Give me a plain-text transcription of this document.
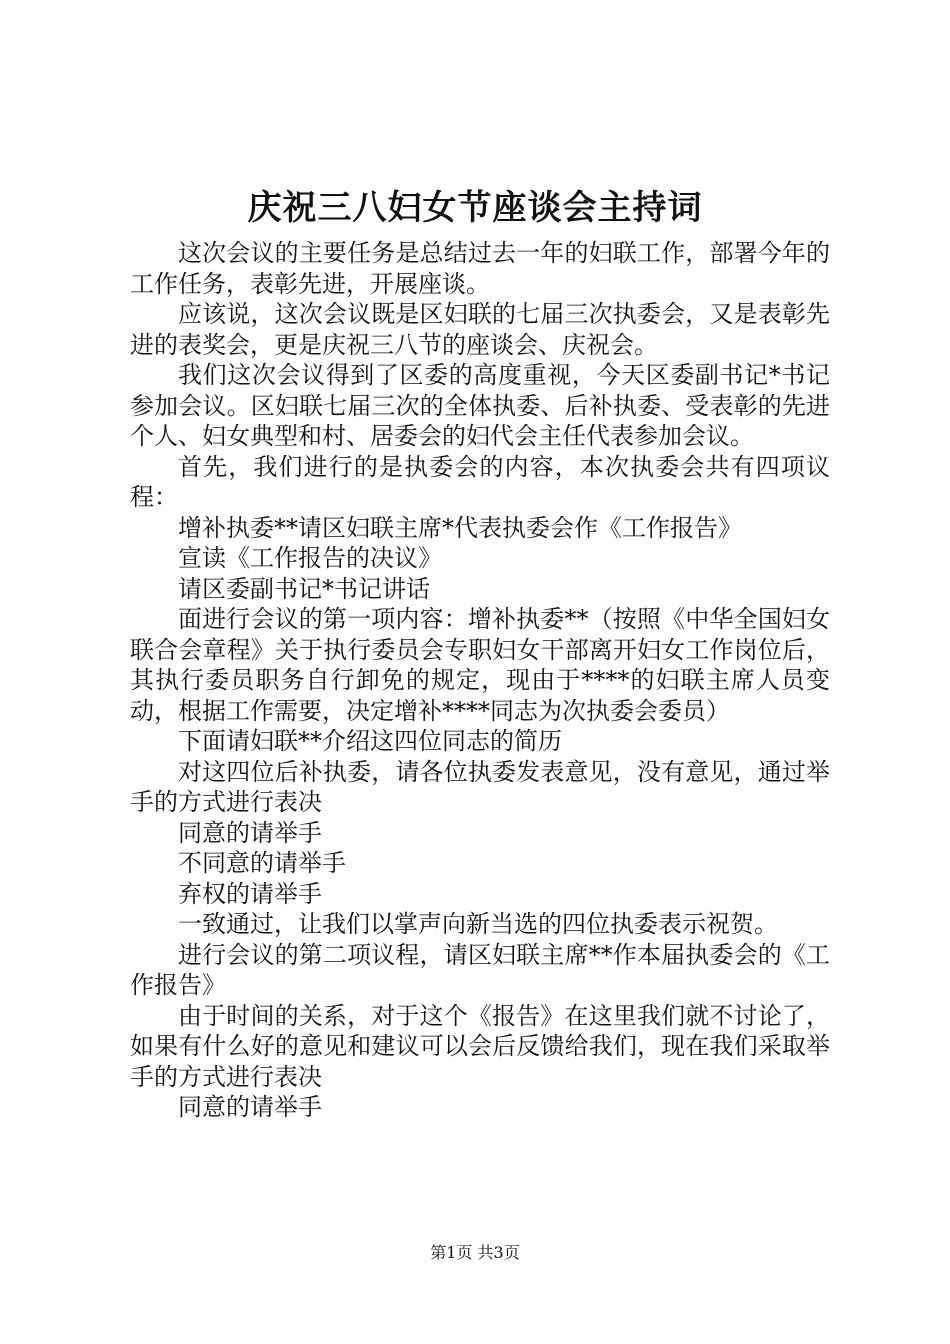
庆祝三八妇女节座谈会主持词

这次会议的主要任务是总结过去一年的妇联工作，部署今年的工作任务，表彰先进，开展座谈。

应该说，这次会议既是区妇联的七届三次执委会，又是表彰先进的表奖会，更是庆祝三八节的座谈会、庆祝会。

我们这次会议得到了区委的高度重视，今天区委副书记*书记参加会议。区妇联七届三次的全体执委、后补执委、受表彰的先进个人、妇女典型和村、居委会的妇代会主任代表参加会议。

首先，我们进行的是执委会的内容，本次执委会共有四项议程：

增补执委**请区妇联主席*代表执委会作《工作报告》

宣读《工作报告的决议》

请区委副书记*书记讲话

面进行会议的第一项内容：增补执委**（按照《中华全国妇女联合会章程》关于执行委员会专职妇女干部离开妇女工作岗位后，其执行委员职务自行卸免的规定，现由于****的妇联主席人员变动，根据工作需要，决定增补****同志为次执委会委员）

下面请妇联**介绍这四位同志的简历

对这四位后补执委，请各位执委发表意见，没有意见，通过举手的方式进行表决

同意的请举手

不同意的请举手

弃权的请举手

一致通过，让我们以掌声向新当选的四位执委表示祝贺。

进行会议的第二项议程，请区妇联主席**作本届执委会的《工作报告》

由于时间的关系，对于这个《报告》在这里我们就不讨论了，如果有什么好的意见和建议可以会后反馈给我们，现在我们采取举手的方式进行表决

同意的请举手

第1页 共3页
